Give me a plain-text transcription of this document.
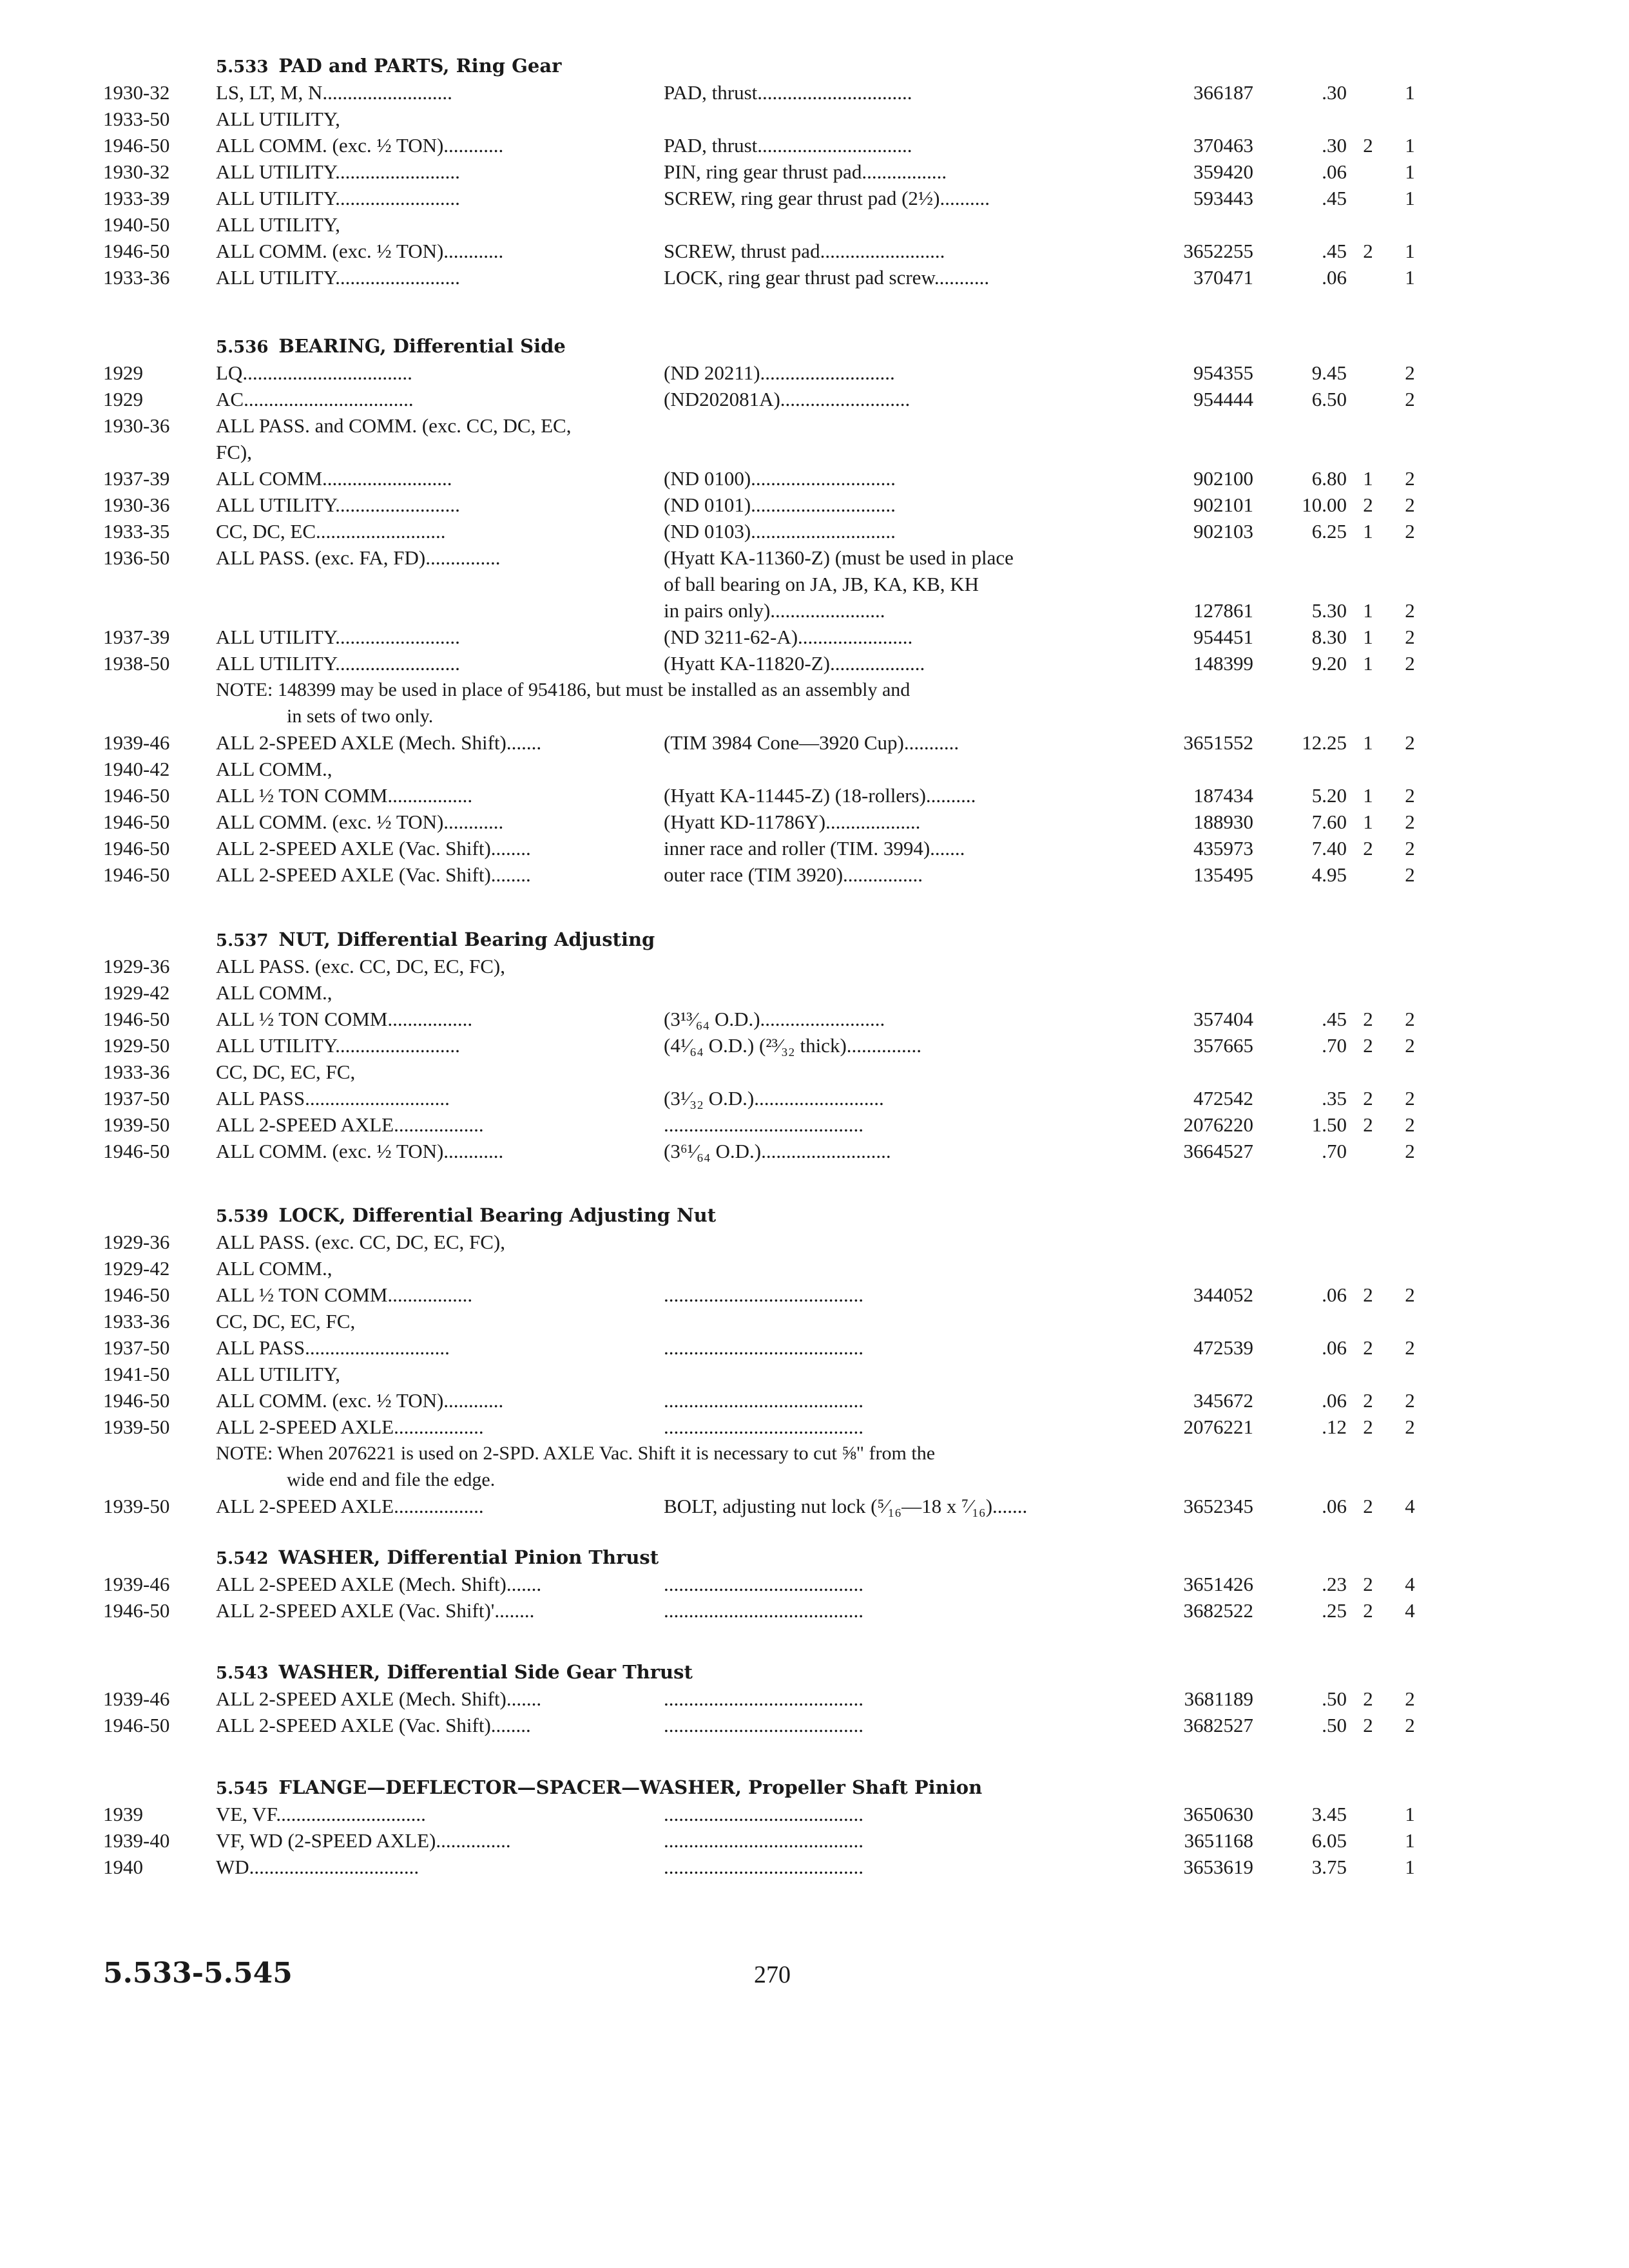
5.533 PAD and PARTS, Ring Gear
1930-32	LS, LT, M, N..........................	PAD, thrust...............................	366187	.30	1
1933-50	ALL UTILITY,
1946-50	ALL COMM. (exc. ½ TON)............	PAD, thrust...............................	370463	.30 2	1
1930-32	ALL UTILITY.........................	PIN, ring gear thrust pad.................	359420	.06	1
1933-39	ALL UTILITY.........................	SCREW, ring gear thrust pad (2½)..........	593443	.45	1
1940-50	ALL UTILITY,
1946-50	ALL COMM. (exc. ½ TON)............	SCREW, thrust pad.........................	3652255	.45 2	1
1933-36	ALL UTILITY.........................	LOCK, ring gear thrust pad screw...........	370471	.06	1
5.536 BEARING, Differential Side
1929	LQ..................................	(ND 20211)...........................	954355	9.45	2
1929	AC..................................	(ND202081A)..........................	954444	6.50	2
1930-36	ALL PASS. and COMM. (exc. CC, DC, EC,
FC),
1937-39	ALL COMM..........................	(ND 0100).............................	902100	6.80 1	2
1930-36	ALL UTILITY.........................	(ND 0101).............................	902101	10.00 2	2
1933-35	CC, DC, EC..........................	(ND 0103).............................	902103	6.25 1	2
1936-50	ALL PASS. (exc. FA, FD)...............	(Hyatt KA-11360-Z) (must be used in place
of ball bearing on JA, JB, KA, KB, KH
in pairs only).......................	127861	5.30 1	2
1937-39	ALL UTILITY.........................	(ND 3211-62-A).......................	954451	8.30 1	2
1938-50	ALL UTILITY.........................	(Hyatt KA-11820-Z)...................	148399	9.20 1	2
NOTE: 148399 may be used in place of 954186, but must be installed as an assembly and
in sets of two only.
1939-46	ALL 2-SPEED AXLE (Mech. Shift).......	(TIM 3984 Cone—3920 Cup)...........	3651552	12.25 1	2
1940-42	ALL COMM.,
1946-50	ALL ½ TON COMM.................	(Hyatt KA-11445-Z) (18-rollers)..........	187434	5.20 1	2
1946-50	ALL COMM. (exc. ½ TON)............	(Hyatt KD-11786Y)...................	188930	7.60 1	2
1946-50	ALL 2-SPEED AXLE (Vac. Shift)........	inner race and roller (TIM. 3994).......	435973	7.40 2	2
1946-50	ALL 2-SPEED AXLE (Vac. Shift)........	outer race (TIM 3920)................	135495	4.95	2
5.537 NUT, Differential Bearing Adjusting
1929-36	ALL PASS. (exc. CC, DC, EC, FC),
1929-42	ALL COMM.,
1946-50	ALL ½ TON COMM.................	(3¹³⁄₆₄ O.D.).........................	357404	.45 2	2
1929-50	ALL UTILITY.........................	(4¹⁄₆₄ O.D.) (²³⁄₃₂ thick)...............	357665	.70 2	2
1933-36	CC, DC, EC, FC,
1937-50	ALL PASS.............................	(3¹⁄₃₂ O.D.)..........................	472542	.35 2	2
1939-50	ALL 2-SPEED AXLE..................	........................................	2076220	1.50 2	2
1946-50	ALL COMM. (exc. ½ TON)............	(3⁶¹⁄₆₄ O.D.)..........................	3664527	.70	2
5.539 LOCK, Differential Bearing Adjusting Nut
1929-36	ALL PASS. (exc. CC, DC, EC, FC),
1929-42	ALL COMM.,
1946-50	ALL ½ TON COMM.................	........................................	344052	.06 2	2
1933-36	CC, DC, EC, FC,
1937-50	ALL PASS.............................	........................................	472539	.06 2	2
1941-50	ALL UTILITY,
1946-50	ALL COMM. (exc. ½ TON)............	........................................	345672	.06 2	2
1939-50	ALL 2-SPEED AXLE..................	........................................	2076221	.12 2	2
NOTE: When 2076221 is used on 2-SPD. AXLE Vac. Shift it is necessary to cut ⅝" from the
wide end and file the edge.
1939-50	ALL 2-SPEED AXLE..................	BOLT, adjusting nut lock (⁵⁄₁₆—18 x ⁷⁄₁₆).......	3652345	.06 2	4
5.542 WASHER, Differential Pinion Thrust
1939-46	ALL 2-SPEED AXLE (Mech. Shift).......	........................................	3651426	.23 2	4
1946-50	ALL 2-SPEED AXLE (Vac. Shift)'........	........................................	3682522	.25 2	4
5.543 WASHER, Differential Side Gear Thrust
1939-46	ALL 2-SPEED AXLE (Mech. Shift).......	........................................	3681189	.50 2	2
1946-50	ALL 2-SPEED AXLE (Vac. Shift)........	........................................	3682527	.50 2	2
5.545 FLANGE—DEFLECTOR—SPACER—WASHER, Propeller Shaft Pinion
1939	VE, VF..............................	........................................	3650630	3.45	1
1939-40	VF, WD (2-SPEED AXLE)...............	........................................	3651168	6.05	1
1940	WD..................................	........................................	3653619	3.75	1
5.533-5.545	270
